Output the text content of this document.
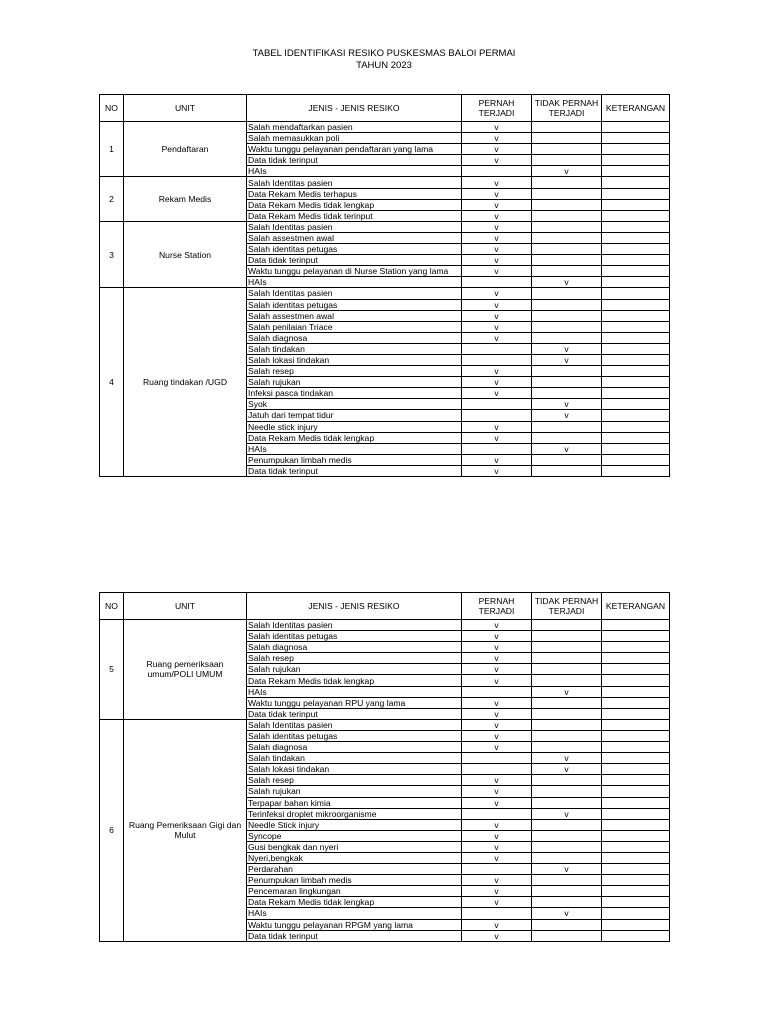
TABEL IDENTIFIKASI RESIKO PUSKESMAS BALOI PERMAI
TAHUN 2023
NO	UNIT	JENIS - JENIS RESIKO	PERNAH TERJADI	TIDAK PERNAH TERJADI	KETERANGAN
1	Pendaftaran	Salah mendaftarkan pasien	v		
		Salah memasukkan poli	v		
		Waktu tunggu pelayanan pendaftaran yang lama	v		
		Data tidak terinput	v		
		HAIs		v	
2	Rekam Medis	Salah Identitas pasien	v		
		Data Rekam Medis terhapus	v		
		Data Rekam Medis tidak lengkap	v		
		Data Rekam Medis tidak terinput	v		
3	Nurse Station	Salah Identitas pasien	v		
		Salah assestmen awal	v		
		Salah identitas petugas	v		
		Data tidak terinput	v		
		Waktu tunggu pelayanan di Nurse Station yang lama	v		
		HAIs		v	
4	Ruang tindakan /UGD	Salah Identitas pasien	v		
		Salah identitas petugas	v		
		Salah assestmen awal	v		
		Salah penilaian Triace	v		
		Salah diagnosa	v		
		Salah tindakan		v	
		Salah lokasi tindakan		v	
		Salah resep	v		
		Salah rujukan	v		
		Infeksi pasca tindakan	v		
		Syok		v	
		Jatuh dari tempat tidur		v	
		Needle stick injury	v		
		Data Rekam Medis tidak lengkap	v		
		HAIs		v	
		Penumpukan limbah medis	v		
		Data tidak terinput	v		
NO	UNIT	JENIS - JENIS RESIKO	PERNAH TERJADI	TIDAK PERNAH TERJADI	KETERANGAN
5	Ruang pemeriksaan umum/POLI UMUM	Salah Identitas pasien	v		
		Salah identitas petugas	v		
		Salah diagnosa	v		
		Salah resep	v		
		Salah rujukan	v		
		Data Rekam Medis tidak lengkap	v		
		HAIs		v	
		Waktu tunggu pelayanan RPU yang lama	v		
		Data tidak terinput	v		
6	Ruang Pemeriksaan Gigi dan Mulut	Salah Identitas pasien	v		
		Salah identitas petugas	v		
		Salah diagnosa	v		
		Salah tindakan		v	
		Salah lokasi tindakan		v	
		Salah resep	v		
		Salah rujukan	v		
		Terpapar bahan kimia	v		
		Terinfeksi droplet mikroorganisme		v	
		Needle Stick injury	v		
		Syncope	v		
		Gusi bengkak dan nyeri	v		
		Nyeri,bengkak	v		
		Perdarahan		v	
		Penumpukan limbah medis	v		
		Pencemaran lingkungan	v		
		Data Rekam Medis tidak lengkap	v		
		HAIs		v	
		Waktu tunggu pelayanan RPGM yang lama	v		
		Data tidak terinput	v		
